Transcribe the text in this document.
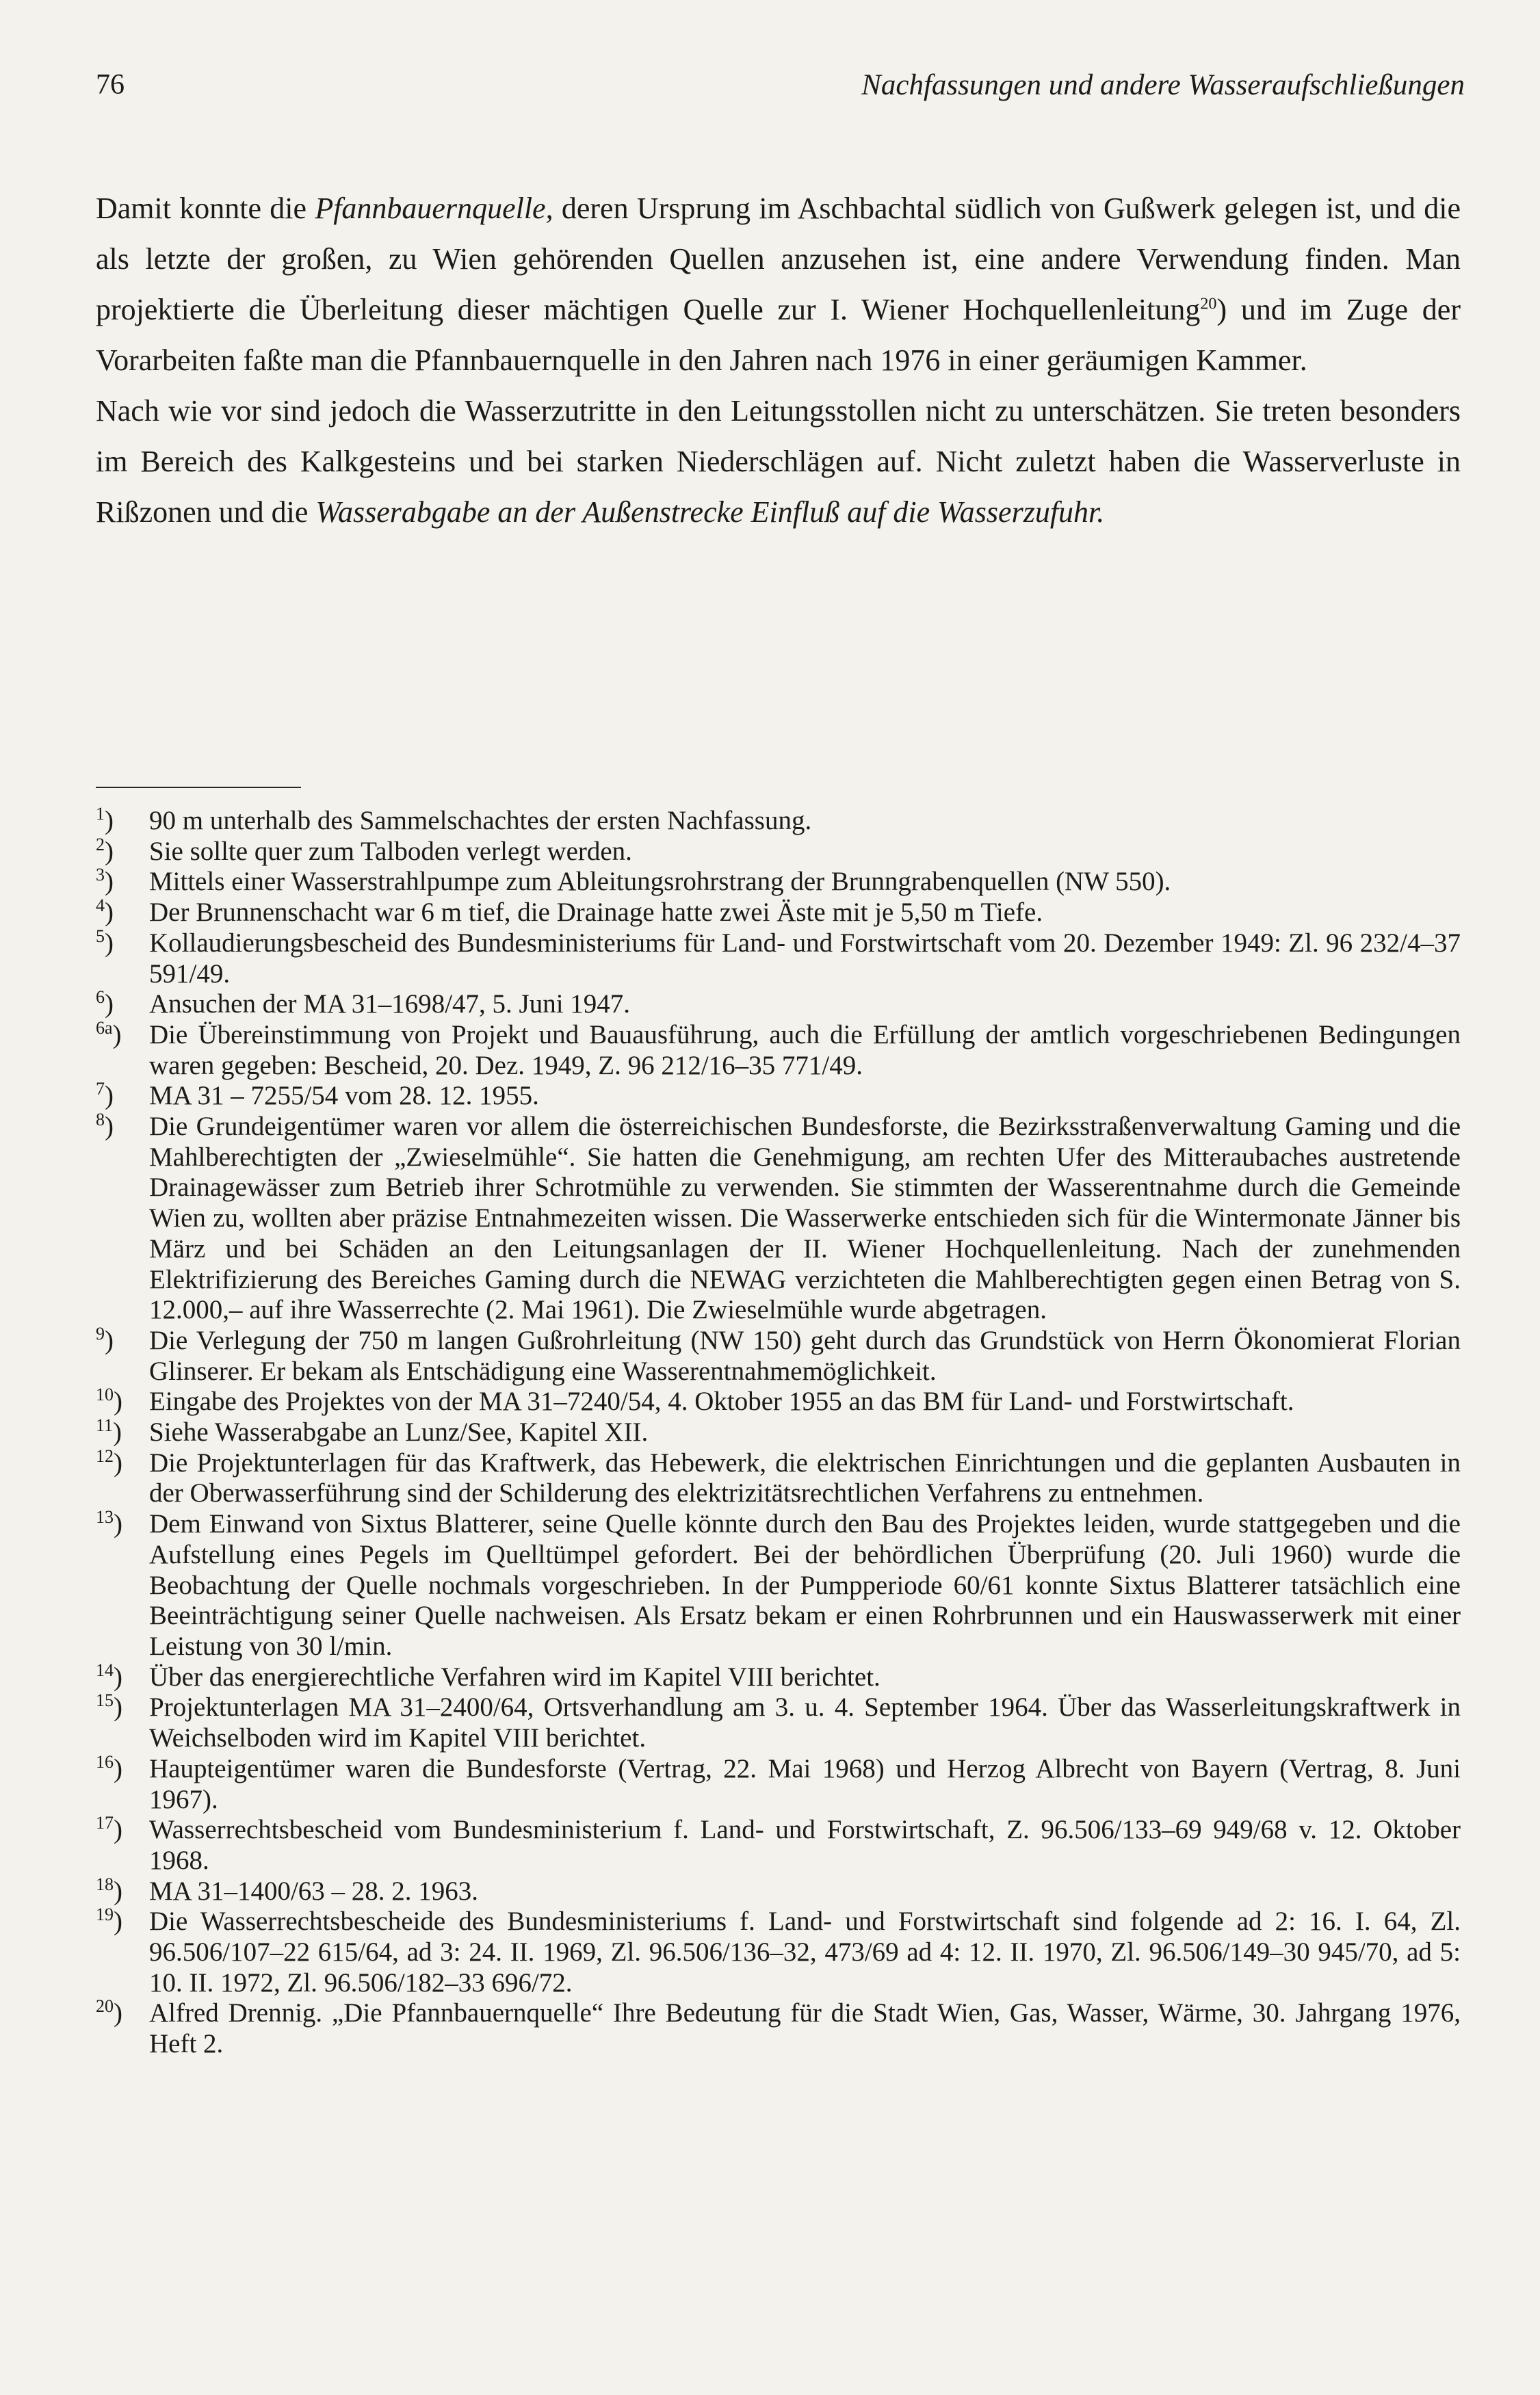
76	Nachfassungen und andere Wasseraufschließungen

Damit konnte die Pfannbauernquelle, deren Ursprung im Aschbachtal südlich von Gußwerk gelegen ist, und die als letzte der großen, zu Wien gehörenden Quellen anzusehen ist, eine andere Verwendung finden. Man projektierte die Überleitung dieser mächtigen Quelle zur I. Wiener Hochquellenleitung$^{20}$) und im Zuge der Vorarbeiten faßte man die Pfannbauernquelle in den Jahren nach 1976 in einer geräumigen Kammer.

Nach wie vor sind jedoch die Wasserzutritte in den Leitungsstollen nicht zu unterschätzen. Sie treten besonders im Bereich des Kalkgesteins und bei starken Niederschlägen auf. Nicht zuletzt haben die Wasserverluste in Rißzonen und die Wasserabgabe an der Außenstrecke Einfluß auf die Wasserzufuhr.

$^1$)	90 m unterhalb des Sammelschachtes der ersten Nachfassung.
$^2$)	Sie sollte quer zum Talboden verlegt werden.
$^3$)	Mittels einer Wasserstrahlpumpe zum Ableitungsrohrstrang der Brunngrabenquellen (NW 550).
$^4$)	Der Brunnenschacht war 6 m tief, die Drainage hatte zwei Äste mit je 5,50 m Tiefe.
$^5$)	Kollaudierungsbescheid des Bundesministeriums für Land- und Forstwirtschaft vom 20. Dezember 1949: Zl. 96 232/4–37 591/49.
$^6$)	Ansuchen der MA 31–1698/47, 5. Juni 1947.
$^{6a}$)	Die Übereinstimmung von Projekt und Bauausführung, auch die Erfüllung der amtlich vorgeschriebenen Bedingungen waren gegeben: Bescheid, 20. Dez. 1949, Z. 96 212/16–35 771/49.
$^7$)	MA 31 – 7255/54 vom 28. 12. 1955.
$^8$)	Die Grundeigentümer waren vor allem die österreichischen Bundesforste, die Bezirksstraßenverwaltung Gaming und die Mahlberechtigten der „Zwieselmühle“. Sie hatten die Genehmigung, am rechten Ufer des Mitteraubaches austretende Drainagewässer zum Betrieb ihrer Schrotmühle zu verwenden. Sie stimmten der Wasserentnahme durch die Gemeinde Wien zu, wollten aber präzise Entnahmezeiten wissen. Die Wasserwerke entschieden sich für die Wintermonate Jänner bis März und bei Schäden an den Leitungsanlagen der II. Wiener Hochquellenleitung. Nach der zunehmenden Elektrifizierung des Bereiches Gaming durch die NEWAG verzichteten die Mahlberechtigten gegen einen Betrag von S. 12.000,– auf ihre Wasserrechte (2. Mai 1961). Die Zwieselmühle wurde abgetragen.
$^9$)	Die Verlegung der 750 m langen Gußrohrleitung (NW 150) geht durch das Grundstück von Herrn Ökonomierat Florian Glinserer. Er bekam als Entschädigung eine Wasserentnahmemöglichkeit.
$^{10}$)	Eingabe des Projektes von der MA 31–7240/54, 4. Oktober 1955 an das BM für Land- und Forstwirtschaft.
$^{11}$)	Siehe Wasserabgabe an Lunz/See, Kapitel XII.
$^{12}$)	Die Projektunterlagen für das Kraftwerk, das Hebewerk, die elektrischen Einrichtungen und die geplanten Ausbauten in der Oberwasserführung sind der Schilderung des elektrizitätsrechtlichen Verfahrens zu entnehmen.
$^{13}$)	Dem Einwand von Sixtus Blatterer, seine Quelle könnte durch den Bau des Projektes leiden, wurde stattgegeben und die Aufstellung eines Pegels im Quelltümpel gefordert. Bei der behördlichen Überprüfung (20. Juli 1960) wurde die Beobachtung der Quelle nochmals vorgeschrieben. In der Pumpperiode 60/61 konnte Sixtus Blatterer tatsächlich eine Beeinträchtigung seiner Quelle nachweisen. Als Ersatz bekam er einen Rohrbrunnen und ein Hauswasserwerk mit einer Leistung von 30 l/min.
$^{14}$)	Über das energierechtliche Verfahren wird im Kapitel VIII berichtet.
$^{15}$)	Projektunterlagen MA 31–2400/64, Ortsverhandlung am 3. u. 4. September 1964. Über das Wasserleitungskraftwerk in Weichselboden wird im Kapitel VIII berichtet.
$^{16}$)	Haupteigentümer waren die Bundesforste (Vertrag, 22. Mai 1968) und Herzog Albrecht von Bayern (Vertrag, 8. Juni 1967).
$^{17}$)	Wasserrechtsbescheid vom Bundesministerium f. Land- und Forstwirtschaft, Z. 96.506/133–69 949/68 v. 12. Oktober 1968.
$^{18}$)	MA 31–1400/63 – 28. 2. 1963.
$^{19}$)	Die Wasserrechtsbescheide des Bundesministeriums f. Land- und Forstwirtschaft sind folgende ad 2: 16. I. 64, Zl. 96.506/107–22 615/64, ad 3: 24. II. 1969, Zl. 96.506/136–32, 473/69 ad 4: 12. II. 1970, Zl. 96.506/149–30 945/70, ad 5: 10. II. 1972, Zl. 96.506/182–33 696/72.
$^{20}$)	Alfred Drennig. „Die Pfannbauernquelle“ Ihre Bedeutung für die Stadt Wien, Gas, Wasser, Wärme, 30. Jahrgang 1976, Heft 2.
